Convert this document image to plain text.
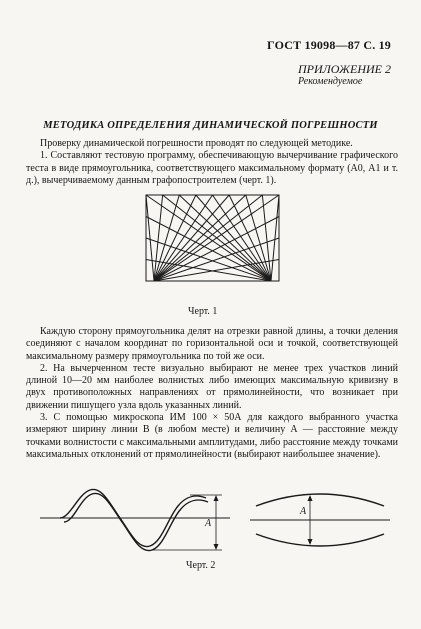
ГОСТ 19098—87 С. 19
ПРИЛОЖЕНИЕ 2
Рекомендуемое
МЕТОДИКА ОПРЕДЕЛЕНИЯ ДИНАМИЧЕСКОЙ ПОГРЕШНОСТИ

Проверку динамической погрешности проводят по следующей методике.

1. Составляют тестовую программу, обеспечивающую вычерчивание графического теста в виде прямоугольника, соответствующего максимальному формату (А0, А1 и т. д.), вычерчиваемому данным графопостроителем (черт. 1).

Черт. 1

Каждую сторону прямоугольника делят на отрезки равной длины, а точки деления соединяют с началом координат по горизонтальной оси и точкой, соответствующей максимальному размеру прямоугольника по той же оси.

2. На вычерченном тесте визуально выбирают не менее трех участков линий длиной 10—20 мм наиболее волнистых либо имеющих максимальную кривизну в двух противоположных направлениях от прямолинейности, что возникает при движении пишущего узла вдоль указанных линий.

3. С помощью микроскопа ИМ 100 × 50А для каждого выбранного участка измеряют ширину линии В (в любом месте) и величину А — расстояние между точками волнистости с максимальными амплитудами, либо расстояние между точками максимальных отклонений от прямолинейности (выбирают наибольшее значение).

А
А
Черт. 2
